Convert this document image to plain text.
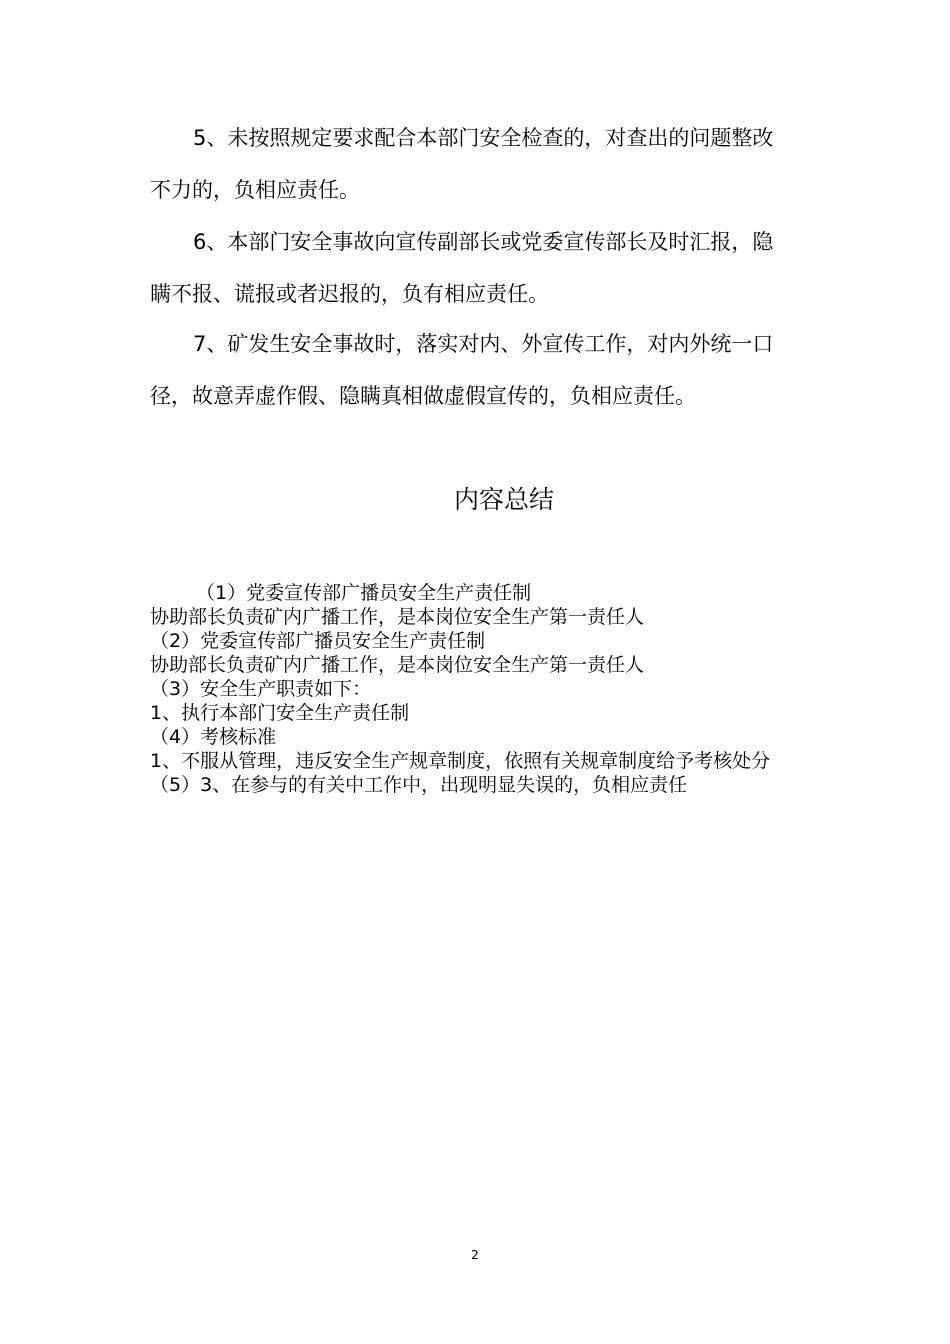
5、未按照规定要求配合本部门安全检查的，对查出的问题整改不力的，负相应责任。

6、本部门安全事故向宣传副部长或党委宣传部长及时汇报，隐瞒不报、谎报或者迟报的，负有相应责任。

7、矿发生安全事故时，落实对内、外宣传工作，对内外统一口径，故意弄虚作假、隐瞒真相做虚假宣传的，负相应责任。

内容总结

（1）党委宣传部广播员安全生产责任制

协助部长负责矿内广播工作，是本岗位安全生产第一责任人

（2）党委宣传部广播员安全生产责任制

协助部长负责矿内广播工作，是本岗位安全生产第一责任人

（3）安全生产职责如下：

1、执行本部门安全生产责任制

（4）考核标准

1、不服从管理，违反安全生产规章制度，依照有关规章制度给予考核处分

（5）3、在参与的有关中工作中，出现明显失误的，负相应责任

2
